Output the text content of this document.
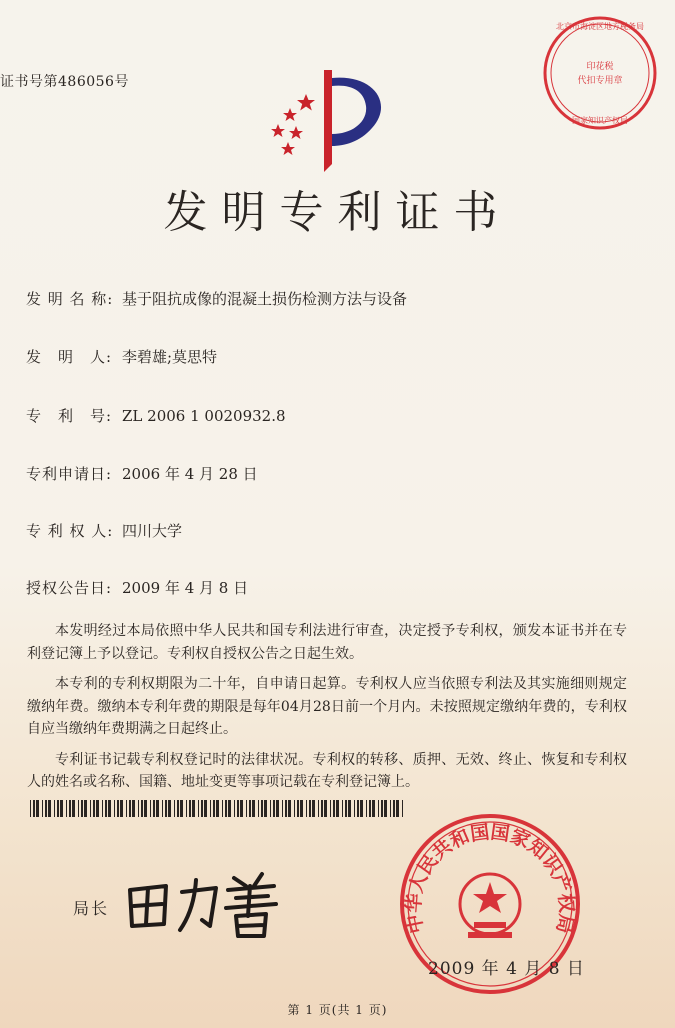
证书号第486056号
北京市海淀区地方税务局
印花税
代扣专用章
国家知识产权局
发明专利证书
发 明 名 称: 基于阻抗成像的混凝土损伤检测方法与设备
发　明　人: 李碧雄;莫思特
专　利　号: ZL 2006 1 0020932.8
专利申请日: 2006 年 4 月 28 日
专 利 权 人: 四川大学
授权公告日: 2009 年 4 月 8 日

本发明经过本局依照中华人民共和国专利法进行审查，决定授予专利权，颁发本证书并在专利登记簿上予以登记。专利权自授权公告之日起生效。

本专利的专利权期限为二十年，自申请日起算。专利权人应当依照专利法及其实施细则规定缴纳年费。缴纳本专利年费的期限是每年04月28日前一个月内。未按照规定缴纳年费的，专利权自应当缴纳年费期满之日起终止。

专利证书记载专利权登记时的法律状况。专利权的转移、质押、无效、终止、恢复和专利权人的姓名或名称、国籍、地址变更等事项记载在专利登记簿上。

中华人民共和国国家知识产权局
局长
2009 年 4 月 8 日
第 1 页(共 1 页)
